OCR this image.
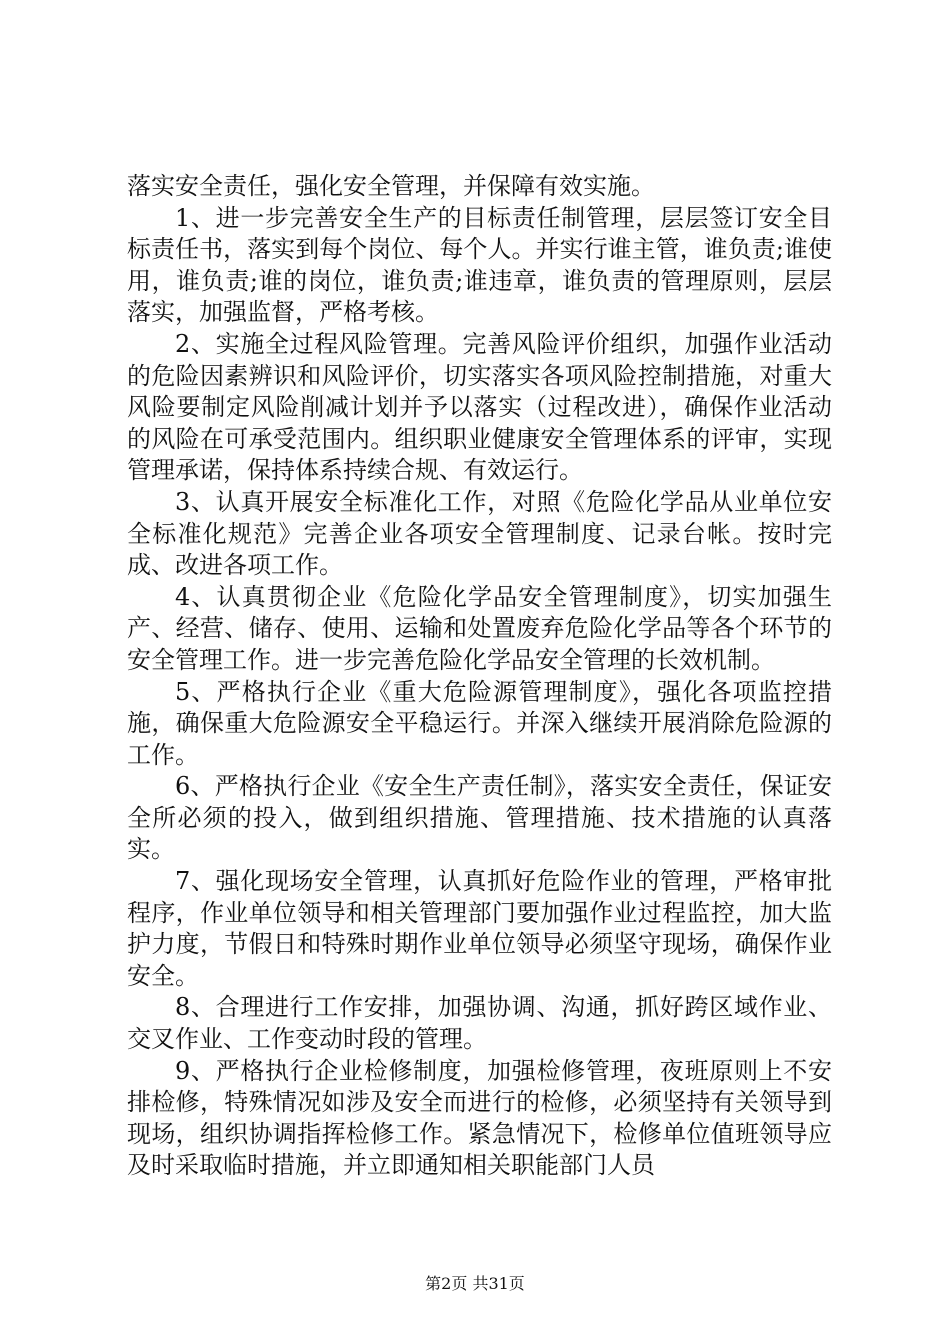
落实安全责任，强化安全管理，并保障有效实施。

1、进一步完善安全生产的目标责任制管理，层层签订安全目标责任书，落实到每个岗位、每个人。并实行谁主管，谁负责;谁使用，谁负责;谁的岗位，谁负责;谁违章，谁负责的管理原则，层层落实，加强监督，严格考核。

2、实施全过程风险管理。完善风险评价组织，加强作业活动的危险因素辨识和风险评价，切实落实各项风险控制措施，对重大风险要制定风险削减计划并予以落实（过程改进），确保作业活动的风险在可承受范围内。组织职业健康安全管理体系的评审，实现管理承诺，保持体系持续合规、有效运行。

3、认真开展安全标准化工作，对照《危险化学品从业单位安全标准化规范》完善企业各项安全管理制度、记录台帐。按时完成、改进各项工作。

4、认真贯彻企业《危险化学品安全管理制度》，切实加强生产、经营、储存、使用、运输和处置废弃危险化学品等各个环节的安全管理工作。进一步完善危险化学品安全管理的长效机制。

5、严格执行企业《重大危险源管理制度》，强化各项监控措施，确保重大危险源安全平稳运行。并深入继续开展消除危险源的工作。

6、严格执行企业《安全生产责任制》，落实安全责任，保证安全所必须的投入，做到组织措施、管理措施、技术措施的认真落实。

7、强化现场安全管理，认真抓好危险作业的管理，严格审批程序，作业单位领导和相关管理部门要加强作业过程监控，加大监护力度，节假日和特殊时期作业单位领导必须坚守现场，确保作业安全。

8、合理进行工作安排，加强协调、沟通，抓好跨区域作业、交叉作业、工作变动时段的管理。

9、严格执行企业检修制度，加强检修管理，夜班原则上不安排检修，特殊情况如涉及安全而进行的检修，必须坚持有关领导到现场，组织协调指挥检修工作。紧急情况下，检修单位值班领导应及时采取临时措施，并立即通知相关职能部门人员

第2页 共31页
